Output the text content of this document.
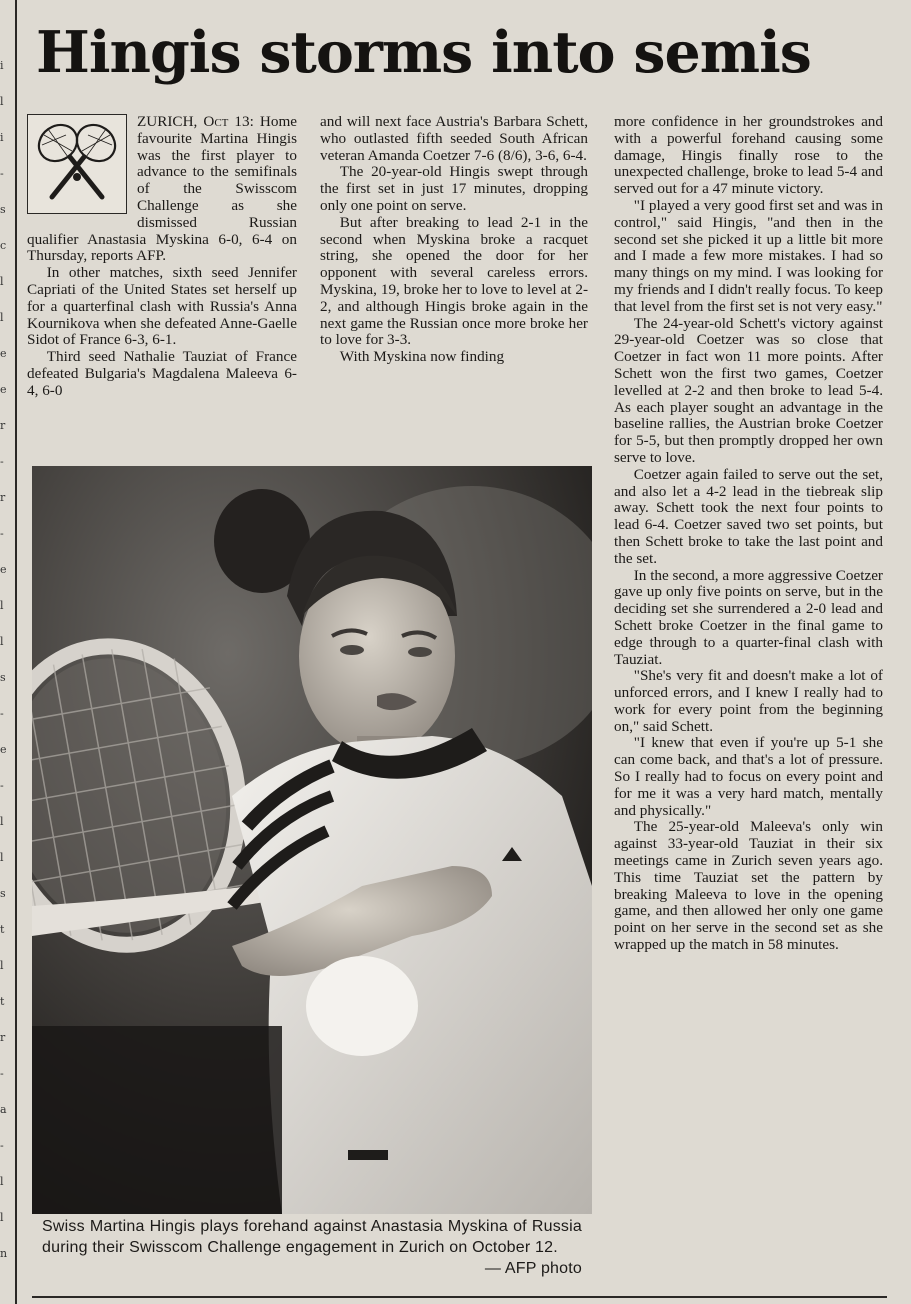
i
l
i
-
s
c
l
l
e
e
r
-
r
-
e
l
l
s
-
e
-
l
l
s
t
l
t
r
-
a
-
l
l
n
Hingis storms into semis

ZURICH, Oct 13: Home favourite Martina Hingis was the first player to advance to the semifinals of the Swisscom Challenge as she dismissed Russian qualifier Anastasia Myskina 6-0, 6-4 on Thursday, reports AFP.

In other matches, sixth seed Jennifer Capriati of the United States set herself up for a quarterfinal clash with Russia's Anna Kournikova when she defeated Anne-Gaelle Sidot of France 6-3, 6-1.

Third seed Nathalie Tauziat of France defeated Bulgaria's Magdalena Maleeva 6-4, 6-0

and will next face Austria's Barbara Schett, who outlasted fifth seeded South African veteran Amanda Coetzer 7-6 (8/6), 3-6, 6-4.

The 20-year-old Hingis swept through the first set in just 17 minutes, dropping only one point on serve.

But after breaking to lead 2-1 in the second when Myskina broke a racquet string, she opened the door for her opponent with several careless errors. Myskina, 19, broke her to love to level at 2-2, and although Hingis broke again in the next game the Russian once more broke her to love for 3-3.

With Myskina now finding

more confidence in her groundstrokes and with a powerful forehand causing some damage, Hingis finally rose to the unexpected challenge, broke to lead 5-4 and served out for a 47 minute victory.

"I played a very good first set and was in control," said Hingis, "and then in the second set she picked it up a little bit more and I made a few more mistakes. I had so many things on my mind. I was looking for my friends and I didn't really focus. To keep that level from the first set is not very easy."

The 24-year-old Schett's victory against 29-year-old Coetzer was so close that Coetzer in fact won 11 more points. After Schett won the first two games, Coetzer levelled at 2-2 and then broke to lead 5-4. As each player sought an advantage in the baseline rallies, the Austrian broke Coetzer for 5-5, but then promptly dropped her own serve to love.

Coetzer again failed to serve out the set, and also let a 4-2 lead in the tiebreak slip away. Schett took the next four points to lead 6-4. Coetzer saved two set points, but then Schett broke to take the last point and the set.

In the second, a more aggressive Coetzer gave up only five points on serve, but in the deciding set she surrendered a 2-0 lead and Schett broke Coetzer in the final game to edge through to a quarter-final clash with Tauziat.

"She's very fit and doesn't make a lot of unforced errors, and I knew I really had to work for every point from the beginning on," said Schett.

"I knew that even if you're up 5-1 she can come back, and that's a lot of pressure. So I really had to focus on every point and for me it was a very hard match, mentally and physically."

The 25-year-old Maleeva's only win against 33-year-old Tauziat in their six meetings came in Zurich seven years ago. This time Tauziat set the pattern by breaking Maleeva to love in the opening game, and then allowed her only one game point on her serve in the second set as she wrapped up the match in 58 minutes.

Swiss Martina Hingis plays forehand against Anastasia Myskina of Russia during their Swisscom Challenge engagement in Zurich on October 12.
— AFP photo
